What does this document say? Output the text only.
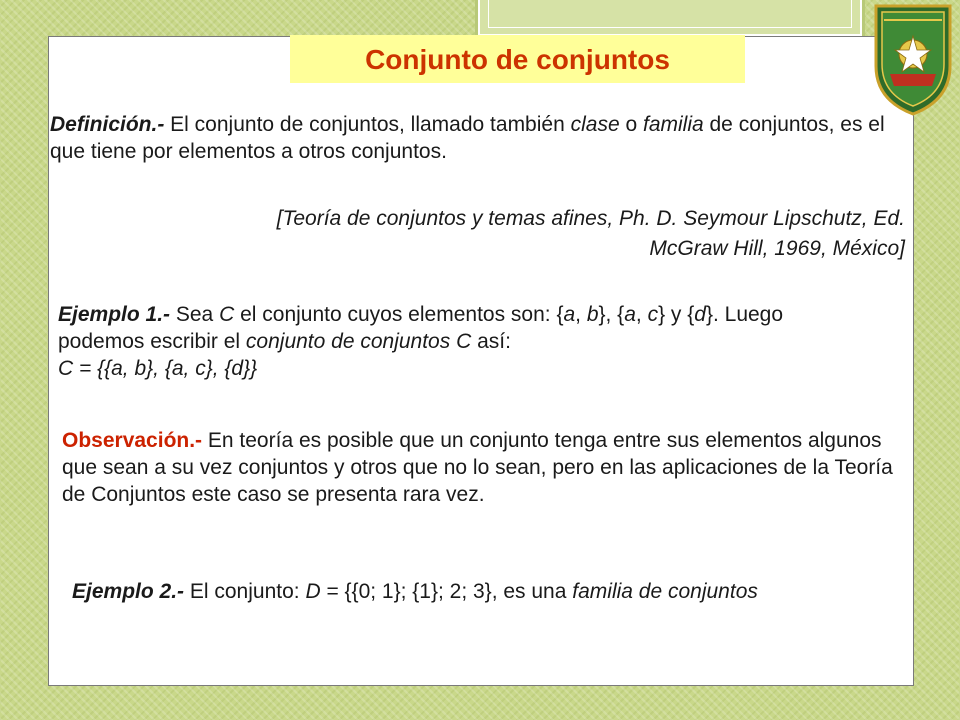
Conjunto de conjuntos

Definición.- El conjunto de conjuntos, llamado también clase o familia de conjuntos, es el que tiene por elementos a otros conjuntos.

[Teoría de conjuntos y temas afines, Ph. D. Seymour Lipschutz, Ed.
McGraw Hill, 1969, México]

Ejemplo 1.- Sea C el conjunto cuyos elementos son: {a, b}, {a, c} y {d}. Luego podemos escribir el conjunto de conjuntos C así:

C = {{a, b}, {a, c}, {d}}

Observación.- En teoría es posible que un conjunto tenga entre sus elementos algunos que sean a su vez conjuntos y otros que no lo sean, pero en las aplicaciones de la Teoría de Conjuntos este caso se presenta rara vez.

Ejemplo 2.- El conjunto: D = {{0; 1}; {1}; 2; 3}, es una familia de conjuntos
